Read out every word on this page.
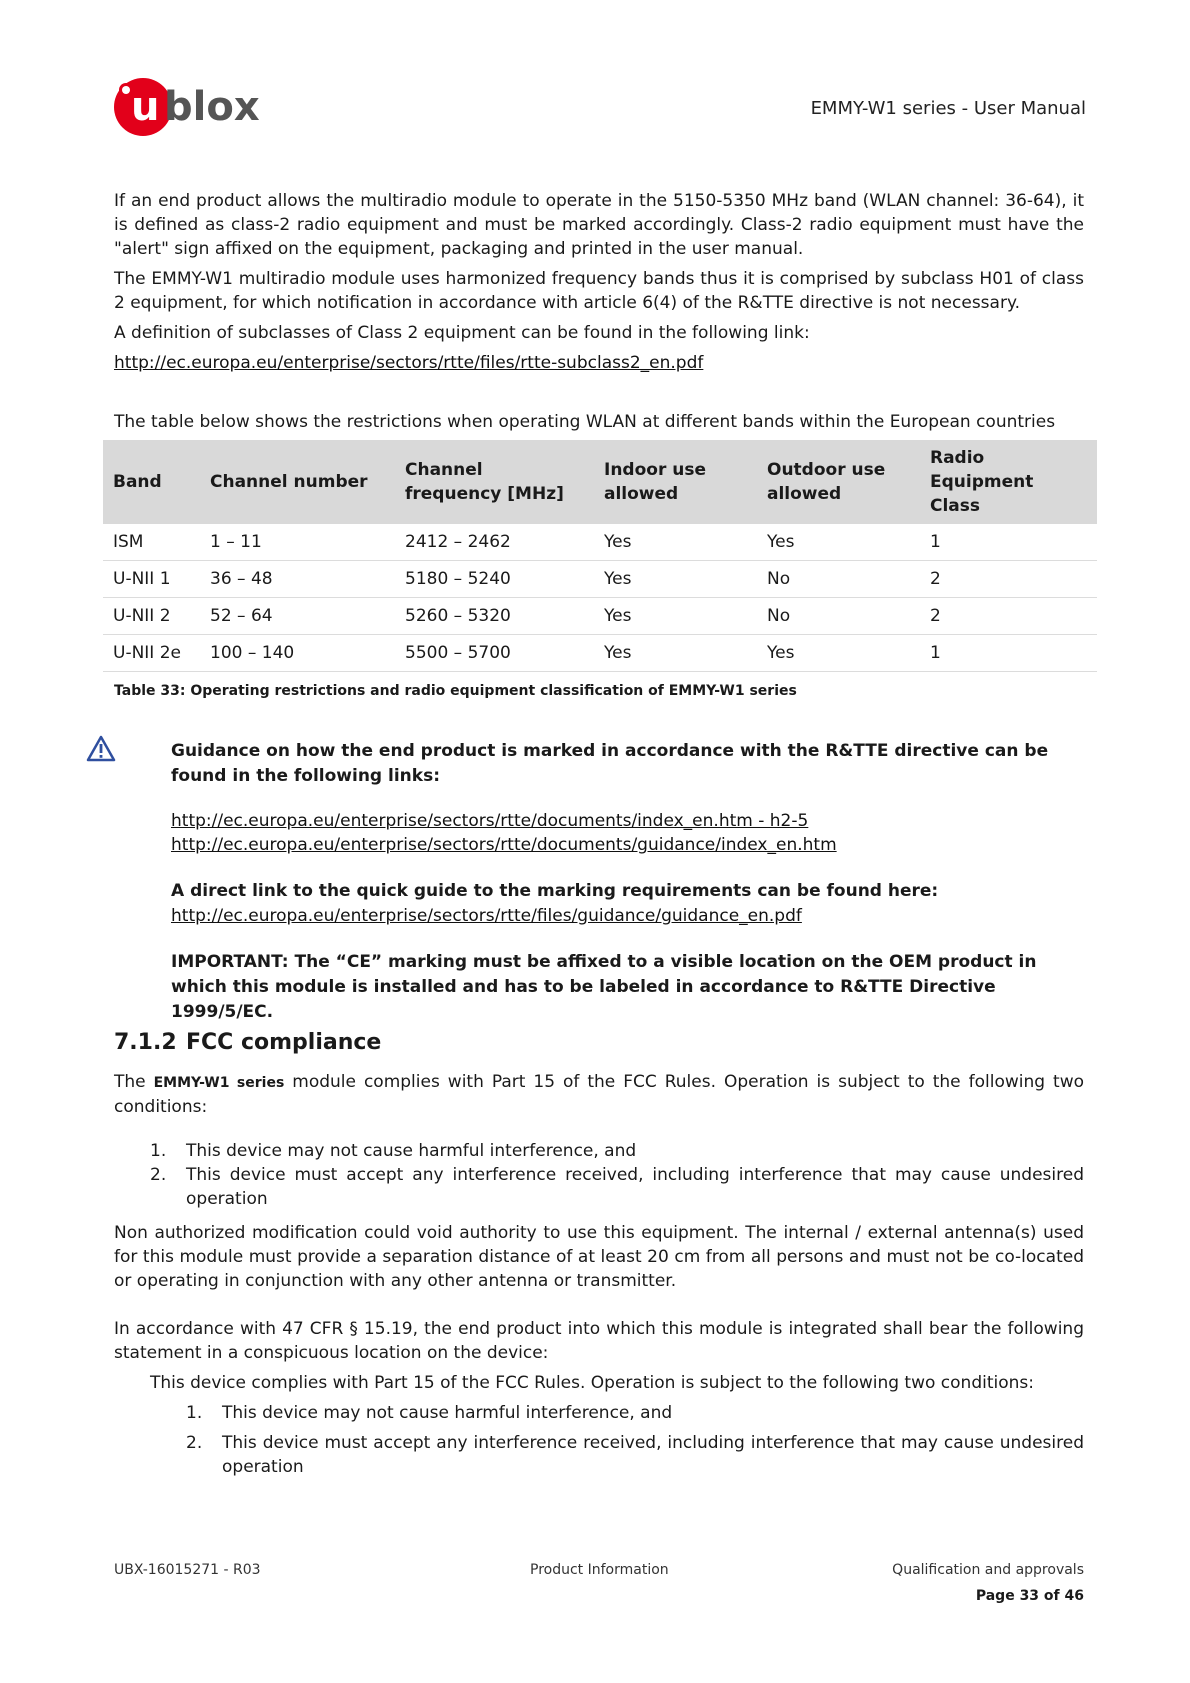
u blox	EMMY-W1 series - User Manual

If an end product allows the multiradio module to operate in the 5150-5350 MHz band (WLAN channel: 36-64), it is defined as class-2 radio equipment and must be marked accordingly. Class-2 radio equipment must have the "alert" sign affixed on the equipment, packaging and printed in the user manual.

The EMMY-W1 multiradio module uses harmonized frequency bands thus it is comprised by subclass H01 of class 2 equipment, for which notification in accordance with article 6(4) of the R&TTE directive is not necessary.

A definition of subclasses of Class 2 equipment can be found in the following link:

http://ec.europa.eu/enterprise/sectors/rtte/files/rtte-subclass2_en.pdf

The table below shows the restrictions when operating WLAN at different bands within the European countries

Band	Channel number	Channel frequency [MHz]	Indoor use allowed	Outdoor use allowed	Radio Equipment Class
ISM	1 – 11	2412 – 2462	Yes	Yes	1
U-NII 1	36 – 48	5180 – 5240	Yes	No	2
U-NII 2	52 – 64	5260 – 5320	Yes	No	2
U-NII 2e	100 – 140	5500 – 5700	Yes	Yes	1
Table 33: Operating restrictions and radio equipment classification of EMMY-W1 series

Guidance on how the end product is marked in accordance with the R&TTE directive can be found in the following links:

http://ec.europa.eu/enterprise/sectors/rtte/documents/index_en.htm - h2-5

http://ec.europa.eu/enterprise/sectors/rtte/documents/guidance/index_en.htm

A direct link to the quick guide to the marking requirements can be found here:

http://ec.europa.eu/enterprise/sectors/rtte/files/guidance/guidance_en.pdf

IMPORTANT: The “CE” marking must be affixed to a visible location on the OEM product in which this module is installed and has to be labeled in accordance to R&TTE Directive 1999/5/EC.

7.1.2 FCC compliance

The EMMY-W1 series module complies with Part 15 of the FCC Rules. Operation is subject to the following two conditions:

1. This device may not cause harmful interference, and
2. This device must accept any interference received, including interference that may cause undesired operation

Non authorized modification could void authority to use this equipment. The internal / external antenna(s) used for this module must provide a separation distance of at least 20 cm from all persons and must not be co-located or operating in conjunction with any other antenna or transmitter.

In accordance with 47 CFR § 15.19, the end product into which this module is integrated shall bear the following statement in a conspicuous location on the device:

This device complies with Part 15 of the FCC Rules. Operation is subject to the following two conditions:

1. This device may not cause harmful interference, and
2. This device must accept any interference received, including interference that may cause undesired operation
UBX-16015271 - R03	Product Information	Qualification and approvals
Page 33 of 46
